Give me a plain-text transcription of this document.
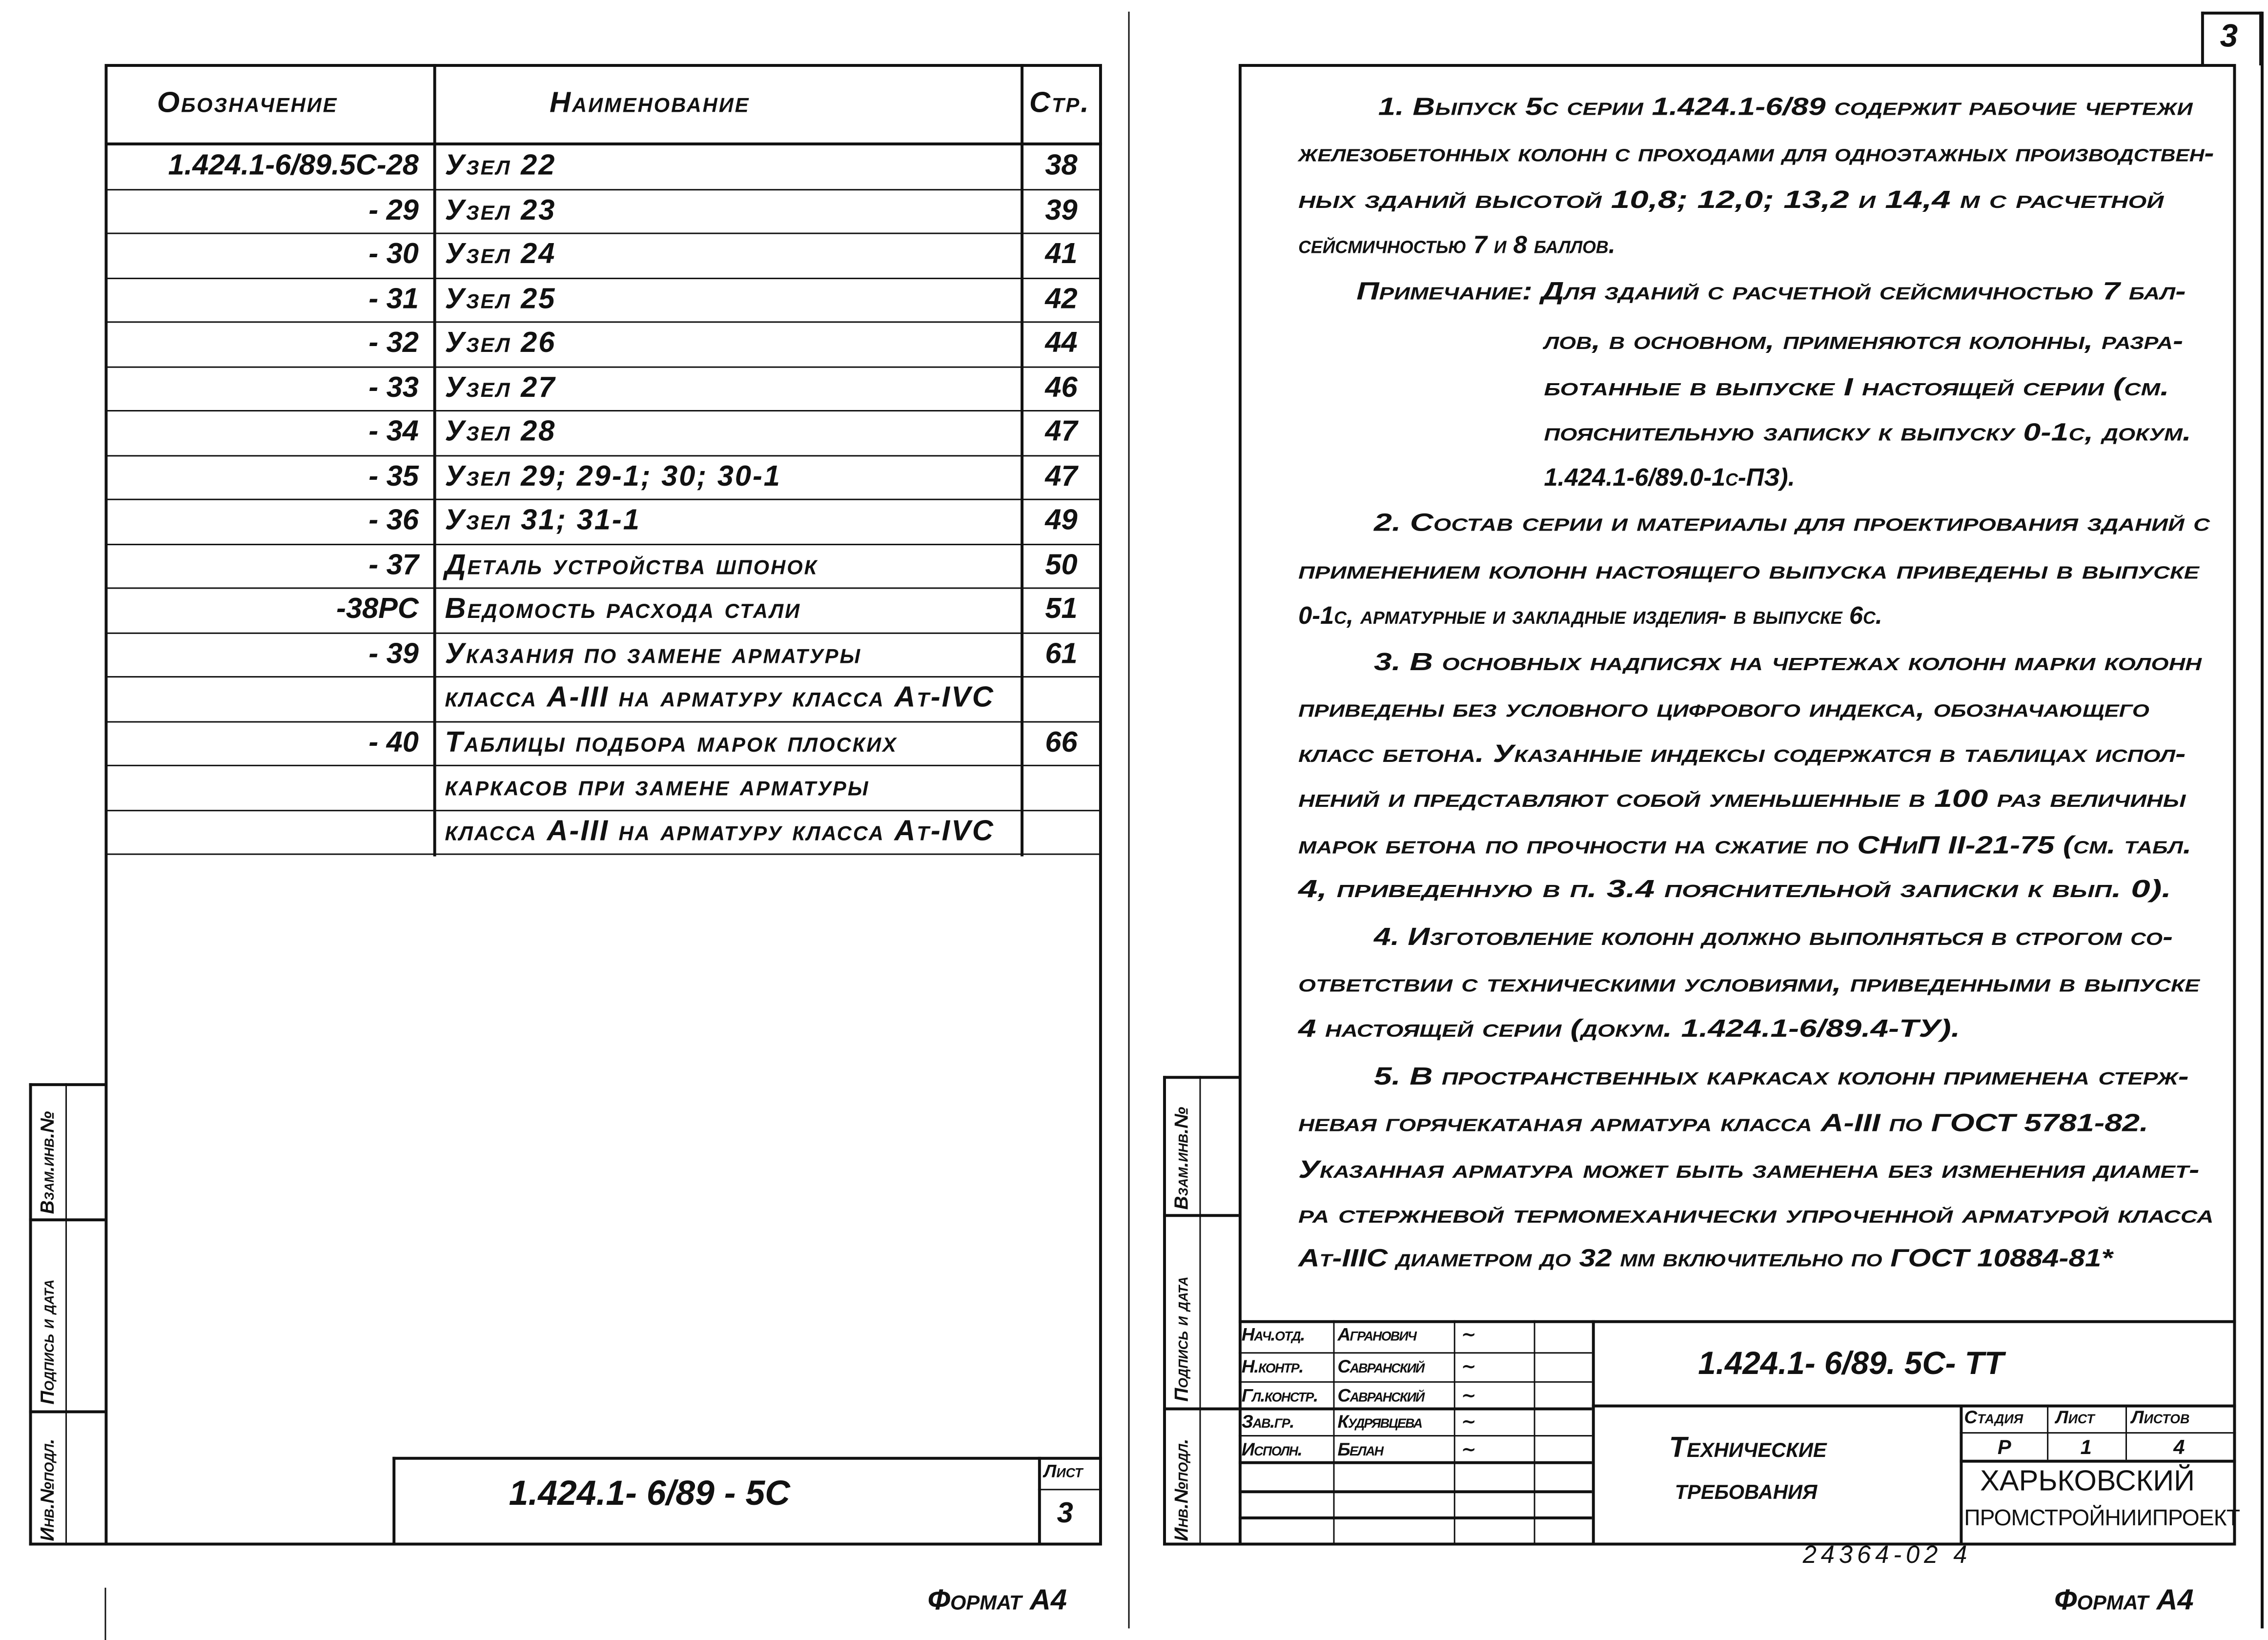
Обозначение	Наименование	Стр.
1.424.1-6/89.5С-28	Узел 22	38
- 29	Узел 23	39
- 30	Узел 24	41
- 31	Узел 25	42
- 32	Узел 26	44
- 33	Узел 27	46
- 34	Узел 28	47
- 35	Узел 29; 29-1; 30; 30-1	47
- 36	Узел 31; 31-1	49
- 37	Деталь устройства шпонок	50
-38РС	Ведомость расхода стали	51
- 39	Указания по замене арматуры	61
класса А-III на арматуру класса Ат-IVС
- 40	Таблицы подбора марок плоских	66
каркасов при замене арматуры
класса А-III на арматуру класса Ат-IVС
Инв.№подл.
Подпись и дата
Взам.инв.№
1.424.1- 6/89 - 5С
Лист
3
Формат А4
3
1. Выпуск 5с серии 1.424.1-6/89 содержит рабочие чертежи
железобетонных колонн с проходами для одноэтажных производствен-
ных зданий высотой 10,8; 12,0; 13,2 и 14,4 м с расчетной
сейсмичностью 7 и 8 баллов.
Примечание: Для зданий с расчетной сейсмичностью 7 бал-
лов, в основном, применяются колонны, разра-
ботанные в выпуске I настоящей серии (см.
пояснительную записку к выпуску 0-1с, докум.
1.424.1-6/89.0-1с-ПЗ).
2. Состав серии и материалы для проектирования зданий с
применением колонн настоящего выпуска приведены в выпуске
0-1с, арматурные и закладные изделия- в выпуске 6с.
3. В основных надписях на чертежах колонн марки колонн
приведены без условного цифрового индекса, обозначающего
класс бетона. Указанные индексы содержатся в таблицах испол-
нений и представляют собой уменьшенные в 100 раз величины
марок бетона по прочности на сжатие по СНиП II-21-75 (см. табл.
4, приведенную в п. 3.4 пояснительной записки к вып. 0).
4. Изготовление колонн должно выполняться в строгом со-
ответствии с техническими условиями, приведенными в выпуске
4 настоящей серии (докум. 1.424.1-6/89.4-ТУ).
5. В пространственных каркасах колонн применена стерж-
невая горячекатаная арматура класса А-III по ГОСТ 5781-82.
Указанная арматура может быть заменена без изменения диамет-
ра стержневой термомеханически упроченной арматурой класса
Ат-IIIС диаметром до 32 мм включительно по ГОСТ 10884-81*
Инв.№подл.
Подпись и дата
Взам.инв.№
Нач.отд.	Агранович	~
Н.контр.	Савранский	~
Гл.констр.	Савранский	~
Зав.гр.	Кудрявцева	~
Исполн.	Белан	~
1.424.1- 6/89. 5С- ТТ
Технические
требования
Стадия	Лист	Листов
Р	1	4
ХАРЬКОВСКИЙ
ПРОМСТРОЙНИИПРОЕКТ
24364-02 4
Формат А4
